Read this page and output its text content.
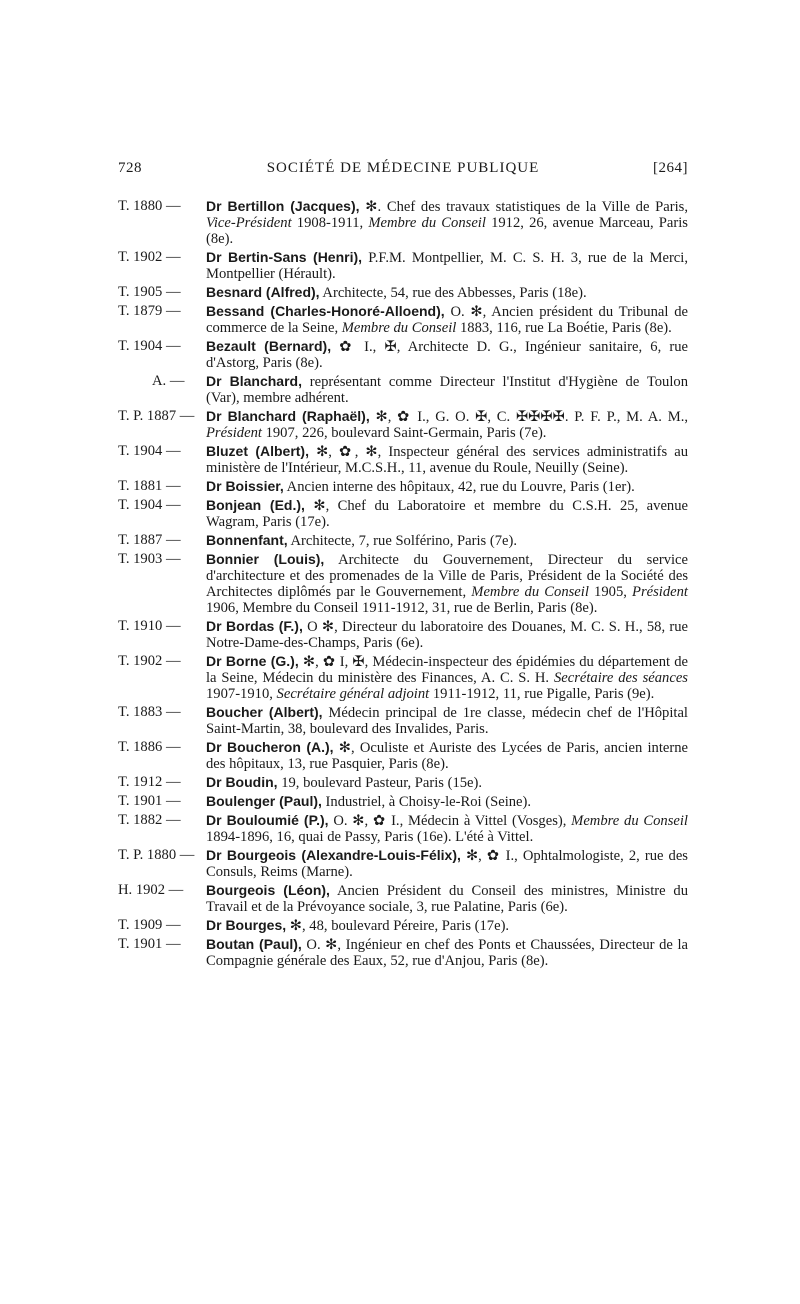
728	SOCIÉTÉ DE MÉDECINE PUBLIQUE	[264]
T. 1880 — Dr Bertillon (Jacques), ✻. Chef des travaux statistiques de la Ville de Paris, Vice-Président 1908-1911, Membre du Conseil 1912, 26, avenue Marceau, Paris (8e).
T. 1902 — Dr Bertin-Sans (Henri), P.F.M. Montpellier, M. C. S. H. 3, rue de la Merci, Montpellier (Hérault).
T. 1905 — Besnard (Alfred), Architecte, 54, rue des Abbesses, Paris (18e).
T. 1879 — Bessand (Charles-Honoré-Alloend), O. ✻, Ancien président du Tribunal de commerce de la Seine, Membre du Conseil 1883, 116, rue La Boétie, Paris (8e).
T. 1904 — Bezault (Bernard), ✿ I., ✠, Architecte D. G., Ingénieur sanitaire, 6, rue d'Astorg, Paris (8e).
A. — Dr Blanchard, représentant comme Directeur l'Institut d'Hygiène de Toulon (Var), membre adhérent.
T. P. 1887 — Dr Blanchard (Raphaël), ✻, ✿ I., G. O. ✠, C. ✠✠✠✠. P. F. P., M. A. M., Président 1907, 226, boulevard Saint-Germain, Paris (7e).
T. 1904 — Bluzet (Albert), ✻, ✿, ✻, Inspecteur général des services administratifs au ministère de l'Intérieur, M.C.S.H., 11, avenue du Roule, Neuilly (Seine).
T. 1881 — Dr Boissier, Ancien interne des hôpitaux, 42, rue du Louvre, Paris (1er).
T. 1904 — Bonjean (Ed.), ✻, Chef du Laboratoire et membre du C.S.H. 25, avenue Wagram, Paris (17e).
T. 1887 — Bonnenfant, Architecte, 7, rue Solférino, Paris (7e).
T. 1903 — Bonnier (Louis), Architecte du Gouvernement, Directeur du service d'architecture et des promenades de la Ville de Paris, Président de la Société des Architectes diplômés par le Gouvernement, Membre du Conseil 1905, Président 1906, Membre du Conseil 1911-1912, 31, rue de Berlin, Paris (8e).
T. 1910 — Dr Bordas (F.), O ✻, Directeur du laboratoire des Douanes, M. C. S. H., 58, rue Notre-Dame-des-Champs, Paris (6e).
T. 1902 — Dr Borne (G.), ✻, ✿ I, ✠, Médecin-inspecteur des épidémies du département de la Seine, Médecin du ministère des Finances, A. C. S. H. Secrétaire des séances 1907-1910, Secrétaire général adjoint 1911-1912, 11, rue Pigalle, Paris (9e).
T. 1883 — Boucher (Albert), Médecin principal de 1re classe, médecin chef de l'Hôpital Saint-Martin, 38, boulevard des Invalides, Paris.
T. 1886 — Dr Boucheron (A.), ✻, Oculiste et Auriste des Lycées de Paris, ancien interne des hôpitaux, 13, rue Pasquier, Paris (8e).
T. 1912 — Dr Boudin, 19, boulevard Pasteur, Paris (15e).
T. 1901 — Boulenger (Paul), Industriel, à Choisy-le-Roi (Seine).
T. 1882 — Dr Bouloumié (P.), O. ✻, ✿ I., Médecin à Vittel (Vosges), Membre du Conseil 1894-1896, 16, quai de Passy, Paris (16e). L'été à Vittel.
T. P. 1880 — Dr Bourgeois (Alexandre-Louis-Félix), ✻, ✿ I., Ophtalmologiste, 2, rue des Consuls, Reims (Marne).
H. 1902 — Bourgeois (Léon), Ancien Président du Conseil des ministres, Ministre du Travail et de la Prévoyance sociale, 3, rue Palatine, Paris (6e).
T. 1909 — Dr Bourges, ✻, 48, boulevard Péreire, Paris (17e).
T. 1901 — Boutan (Paul), O. ✻, Ingénieur en chef des Ponts et Chaussées, Directeur de la Compagnie générale des Eaux, 52, rue d'Anjou, Paris (8e).
